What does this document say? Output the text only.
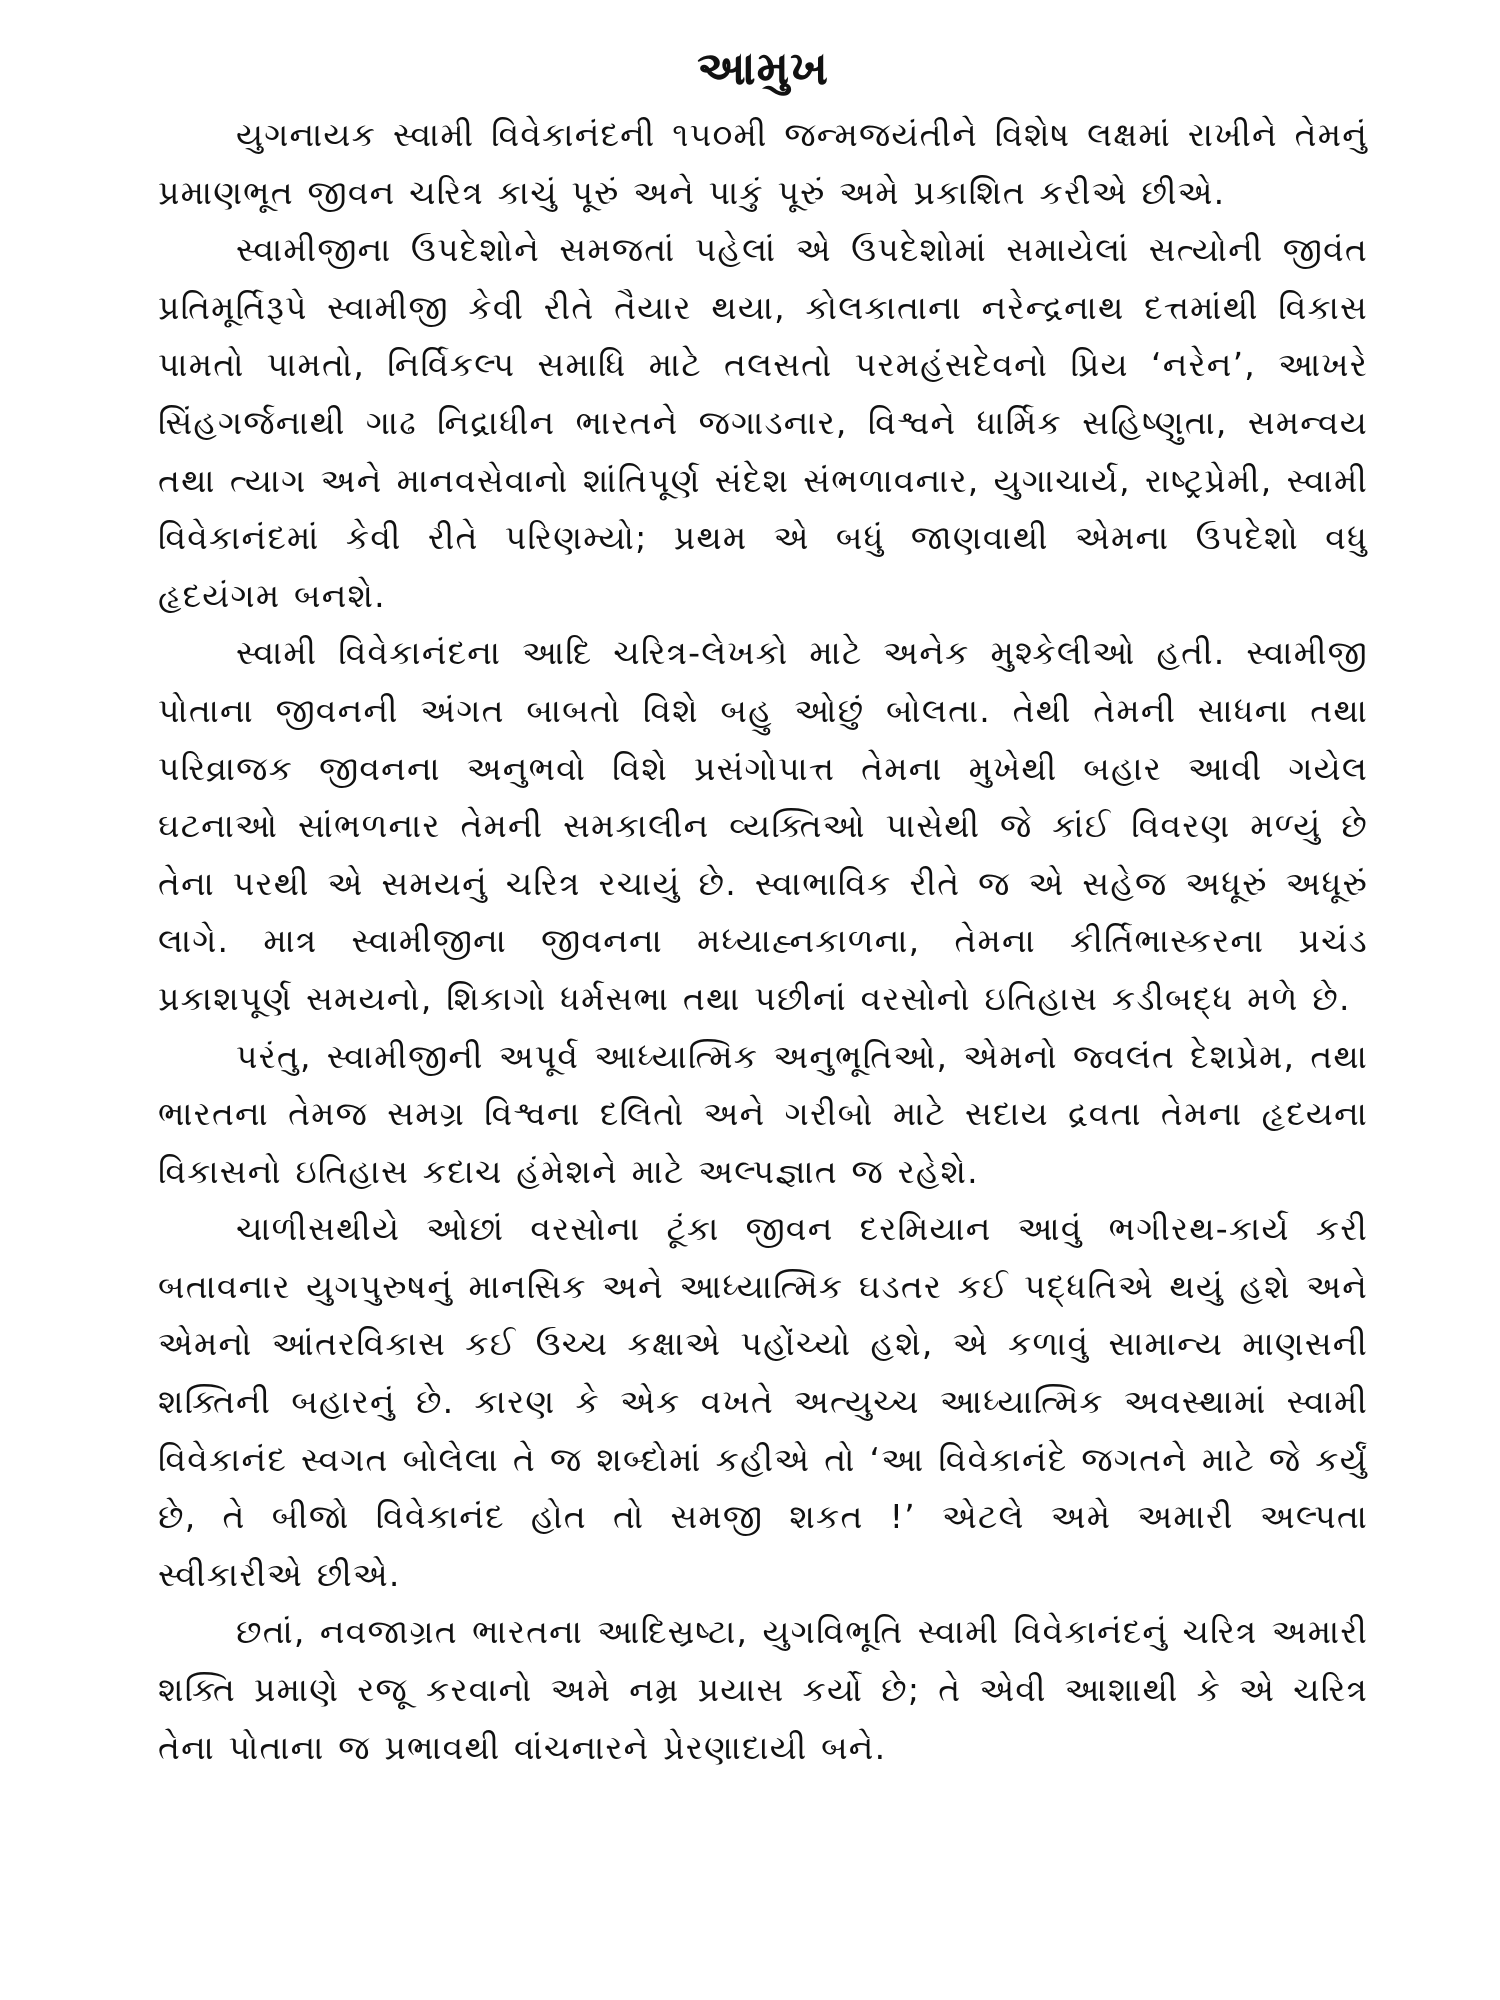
આમુખ

યુગનાયક સ્વામી વિવેકાનંદની ૧૫૦મી જન્મજયંતીને વિશેષ લક્ષમાં રાખીને તેમનું પ્રમાણભૂત જીવન ચરિત્ર કાચું પૂરું અને પાકું પૂરું અમે પ્રકાશિત કરીએ છીએ.

સ્વામીજીના ઉપદેશોને સમજતાં પહેલાં એ ઉપદેશોમાં સમાયેલાં સત્યોની જીવંત પ્રતિમૂર્તિરૂપે સ્વામીજી કેવી રીતે તૈયાર થયા, કોલકાતાના નરેન્દ્રનાથ દત્તમાંથી વિકાસ પામતો પામતો, નિર્વિકલ્પ સમાધિ માટે તલસતો પરમહંસદેવનો પ્રિય ‘નરેન’, આખરે સિંહગર્જનાથી ગાઢ નિદ્રાધીન ભારતને જગાડનાર, વિશ્વને ધાર્મિક સહિષ્ણુતા, સમન્વય તથા ત્યાગ અને માનવસેવાનો શાંતિપૂર્ણ સંદેશ સંભળાવનાર, યુગાચાર્ય, રાષ્ટ્રપ્રેમી, સ્વામી વિવેકાનંદમાં કેવી રીતે પરિણમ્યો; પ્રથમ એ બધું જાણવાથી એમના ઉપદેશો વધુ હૃદયંગમ બનશે.

સ્વામી વિવેકાનંદના આદિ ચરિત્ર-લેખકો માટે અનેક મુશ્કેલીઓ હતી. સ્વામીજી પોતાના જીવનની અંગત બાબતો વિશે બહુ ઓછું બોલતા. તેથી તેમની સાધના તથા પરિવ્રાજક જીવનના અનુભવો વિશે પ્રસંગોપાત્ત તેમના મુખેથી બહાર આવી ગયેલ ઘટનાઓ સાંભળનાર તેમની સમકાલીન વ્યક્તિઓ પાસેથી જે કાંઈ વિવરણ મળ્યું છે તેના પરથી એ સમયનું ચરિત્ર રચાયું છે. સ્વાભાવિક રીતે જ એ સહેજ અધૂરું અધૂરું લાગે. માત્ર સ્વામીજીના જીવનના મધ્યાહ્નકાળના, તેમના કીર્તિભાસ્કરના પ્રચંડ પ્રકાશપૂર્ણ સમયનો, શિકાગો ધર્મસભા તથા પછીનાં વરસોનો ઇતિહાસ કડીબદ્ધ મળે છે.

પરંતુ, સ્વામીજીની અપૂર્વ આધ્યાત્મિક અનુભૂતિઓ, એમનો જ્વલંત દેશપ્રેમ, તથા ભારતના તેમજ સમગ્ર વિશ્વના દલિતો અને ગરીબો માટે સદાય દ્રવતા તેમના હૃદયના વિકાસનો ઇતિહાસ કદાચ હંમેશને માટે અલ્પજ્ઞાત જ રહેશે.

ચાળીસથીયે ઓછાં વરસોના ટૂંકા જીવન દરમિયાન આવું ભગીરથ-કાર્ય કરી બતાવનાર યુગપુરુષનું માનસિક અને આધ્યાત્મિક ઘડતર કઈ પદ્ધતિએ થયું હશે અને એમનો આંતરવિકાસ કઈ ઉચ્ચ કક્ષાએ પહોંચ્યો હશે, એ કળાવું સામાન્ય માણસની શક્તિની બહારનું છે. કારણ કે એક વખતે અત્યુચ્ચ આધ્યાત્મિક અવસ્થામાં સ્વામી વિવેકાનંદ સ્વગત બોલેલા તે જ શબ્દોમાં કહીએ તો ‘આ વિવેકાનંદે જગતને માટે જે કર્યું છે, તે બીજો વિવેકાનંદ હોત તો સમજી શકત !’ એટલે અમે અમારી અલ્પતા સ્વીકારીએ છીએ.

છતાં, નવજાગ્રત ભારતના આદિસ્રષ્ટા, યુગવિભૂતિ સ્વામી વિવેકાનંદનું ચરિત્ર અમારી શક્તિ પ્રમાણે રજૂ કરવાનો અમે નમ્ર પ્રયાસ કર્યો છે; તે એવી આશાથી કે એ ચરિત્ર તેના પોતાના જ પ્રભાવથી વાંચનારને પ્રેરણાદાયી બને.
